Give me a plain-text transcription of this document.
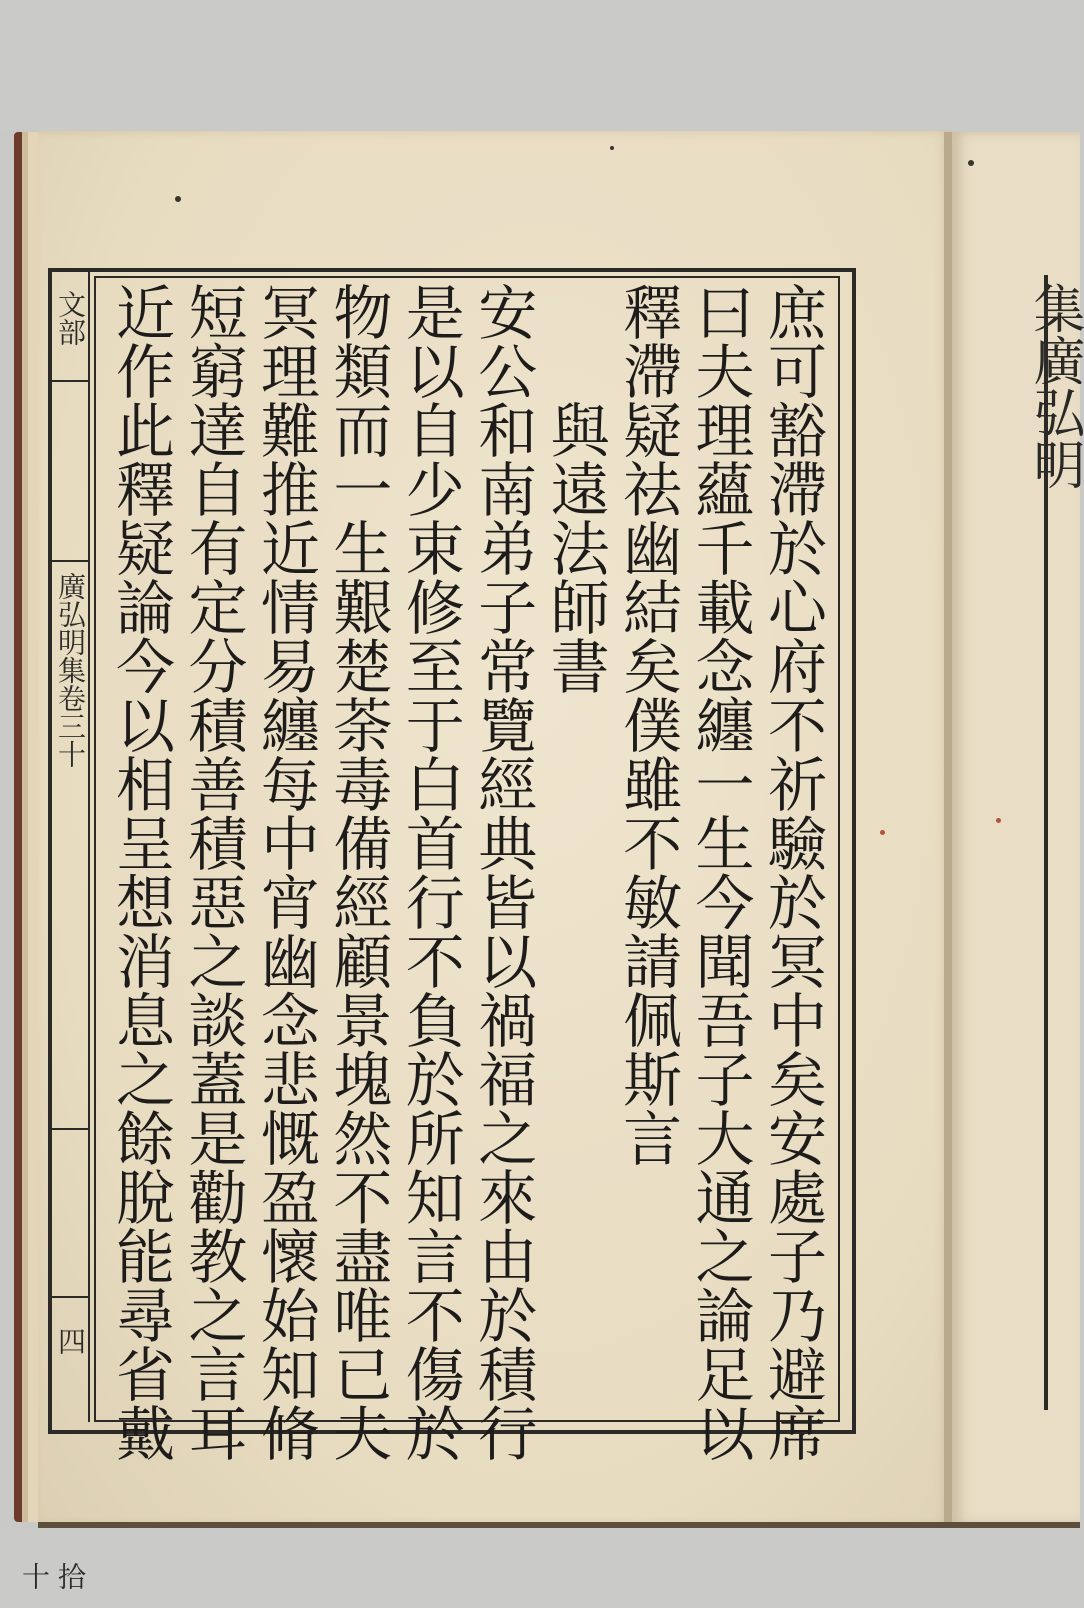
文部
廣弘明集卷三十
四
拾十
庶可豁滯於心府不祈驗於冥中矣安處子乃避席
曰夫理蘊千載念纏一生今聞吾子大通之論足以
釋滯疑祛幽結矣僕雖不敏請佩斯言
與遠法師書
安公和南弟子常覽經典皆以禍福之來由於積行
是以自少束修至于白首行不負於所知言不傷於
物類而一生艱楚荼毒備經顧景塊然不盡唯已夫
冥理難推近情易纏每中宵幽念悲慨盈懷始知脩
短窮達自有定分積善積惡之談蓋是勸教之言耳
近作此釋疑論今以相呈想消息之餘脫能尋省戴	集廣弘明
